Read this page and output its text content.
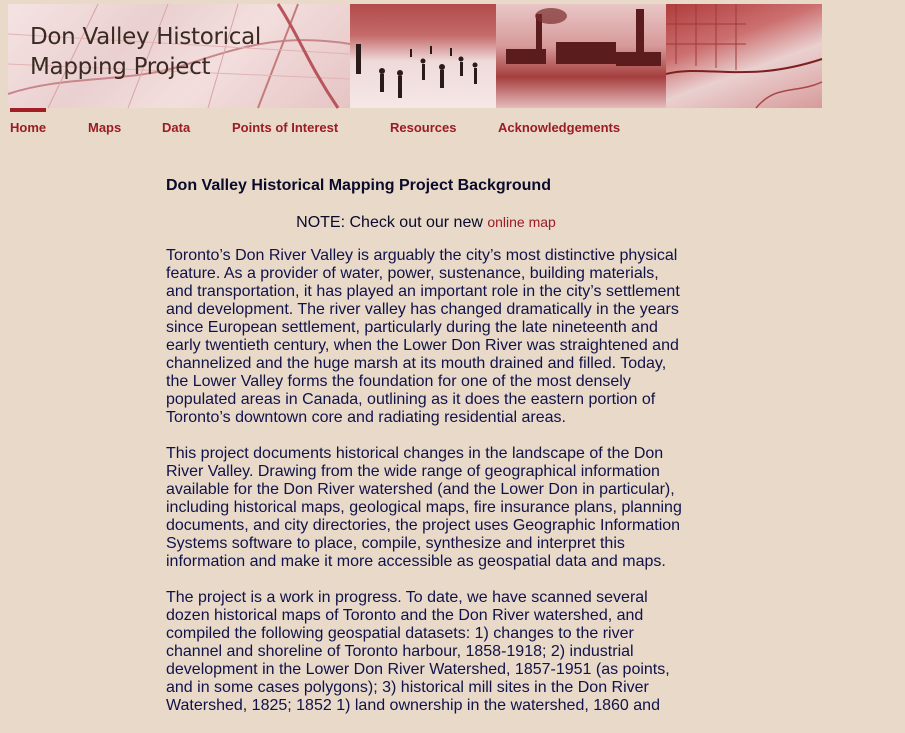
Don Valley Historical
Mapping Project
Home	Maps	Data	Points of Interest	Resources	Acknowledgements
Don Valley Historical Mapping Project Background

NOTE: Check out our new online map

Toronto’s Don River Valley is arguably the city’s most distinctive physical feature. As a provider of water, power, sustenance, building materials, and transportation, it has played an important role in the city’s settlement and development. The river valley has changed dramatically in the years since European settlement, particularly during the late nineteenth and early twentieth century, when the Lower Don River was straightened and channelized and the huge marsh at its mouth drained and filled. Today, the Lower Valley forms the foundation for one of the most densely populated areas in Canada, outlining as it does the eastern portion of Toronto’s downtown core and radiating residential areas.

This project documents historical changes in the landscape of the Don River Valley. Drawing from the wide range of geographical information available for the Don River watershed (and the Lower Don in particular), including historical maps, geological maps, fire insurance plans, planning documents, and city directories, the project uses Geographic Information Systems software to place, compile, synthesize and interpret this information and make it more accessible as geospatial data and maps.

The project is a work in progress. To date, we have scanned several dozen historical maps of Toronto and the Don River watershed, and compiled the following geospatial datasets: 1) changes to the river channel and shoreline of Toronto harbour, 1858-1918; 2) industrial development in the Lower Don River Watershed, 1857-1951 (as points, and in some cases polygons); 3) historical mill sites in the Don River Watershed, 1825; 1852 1) land ownership in the watershed, 1860 and
